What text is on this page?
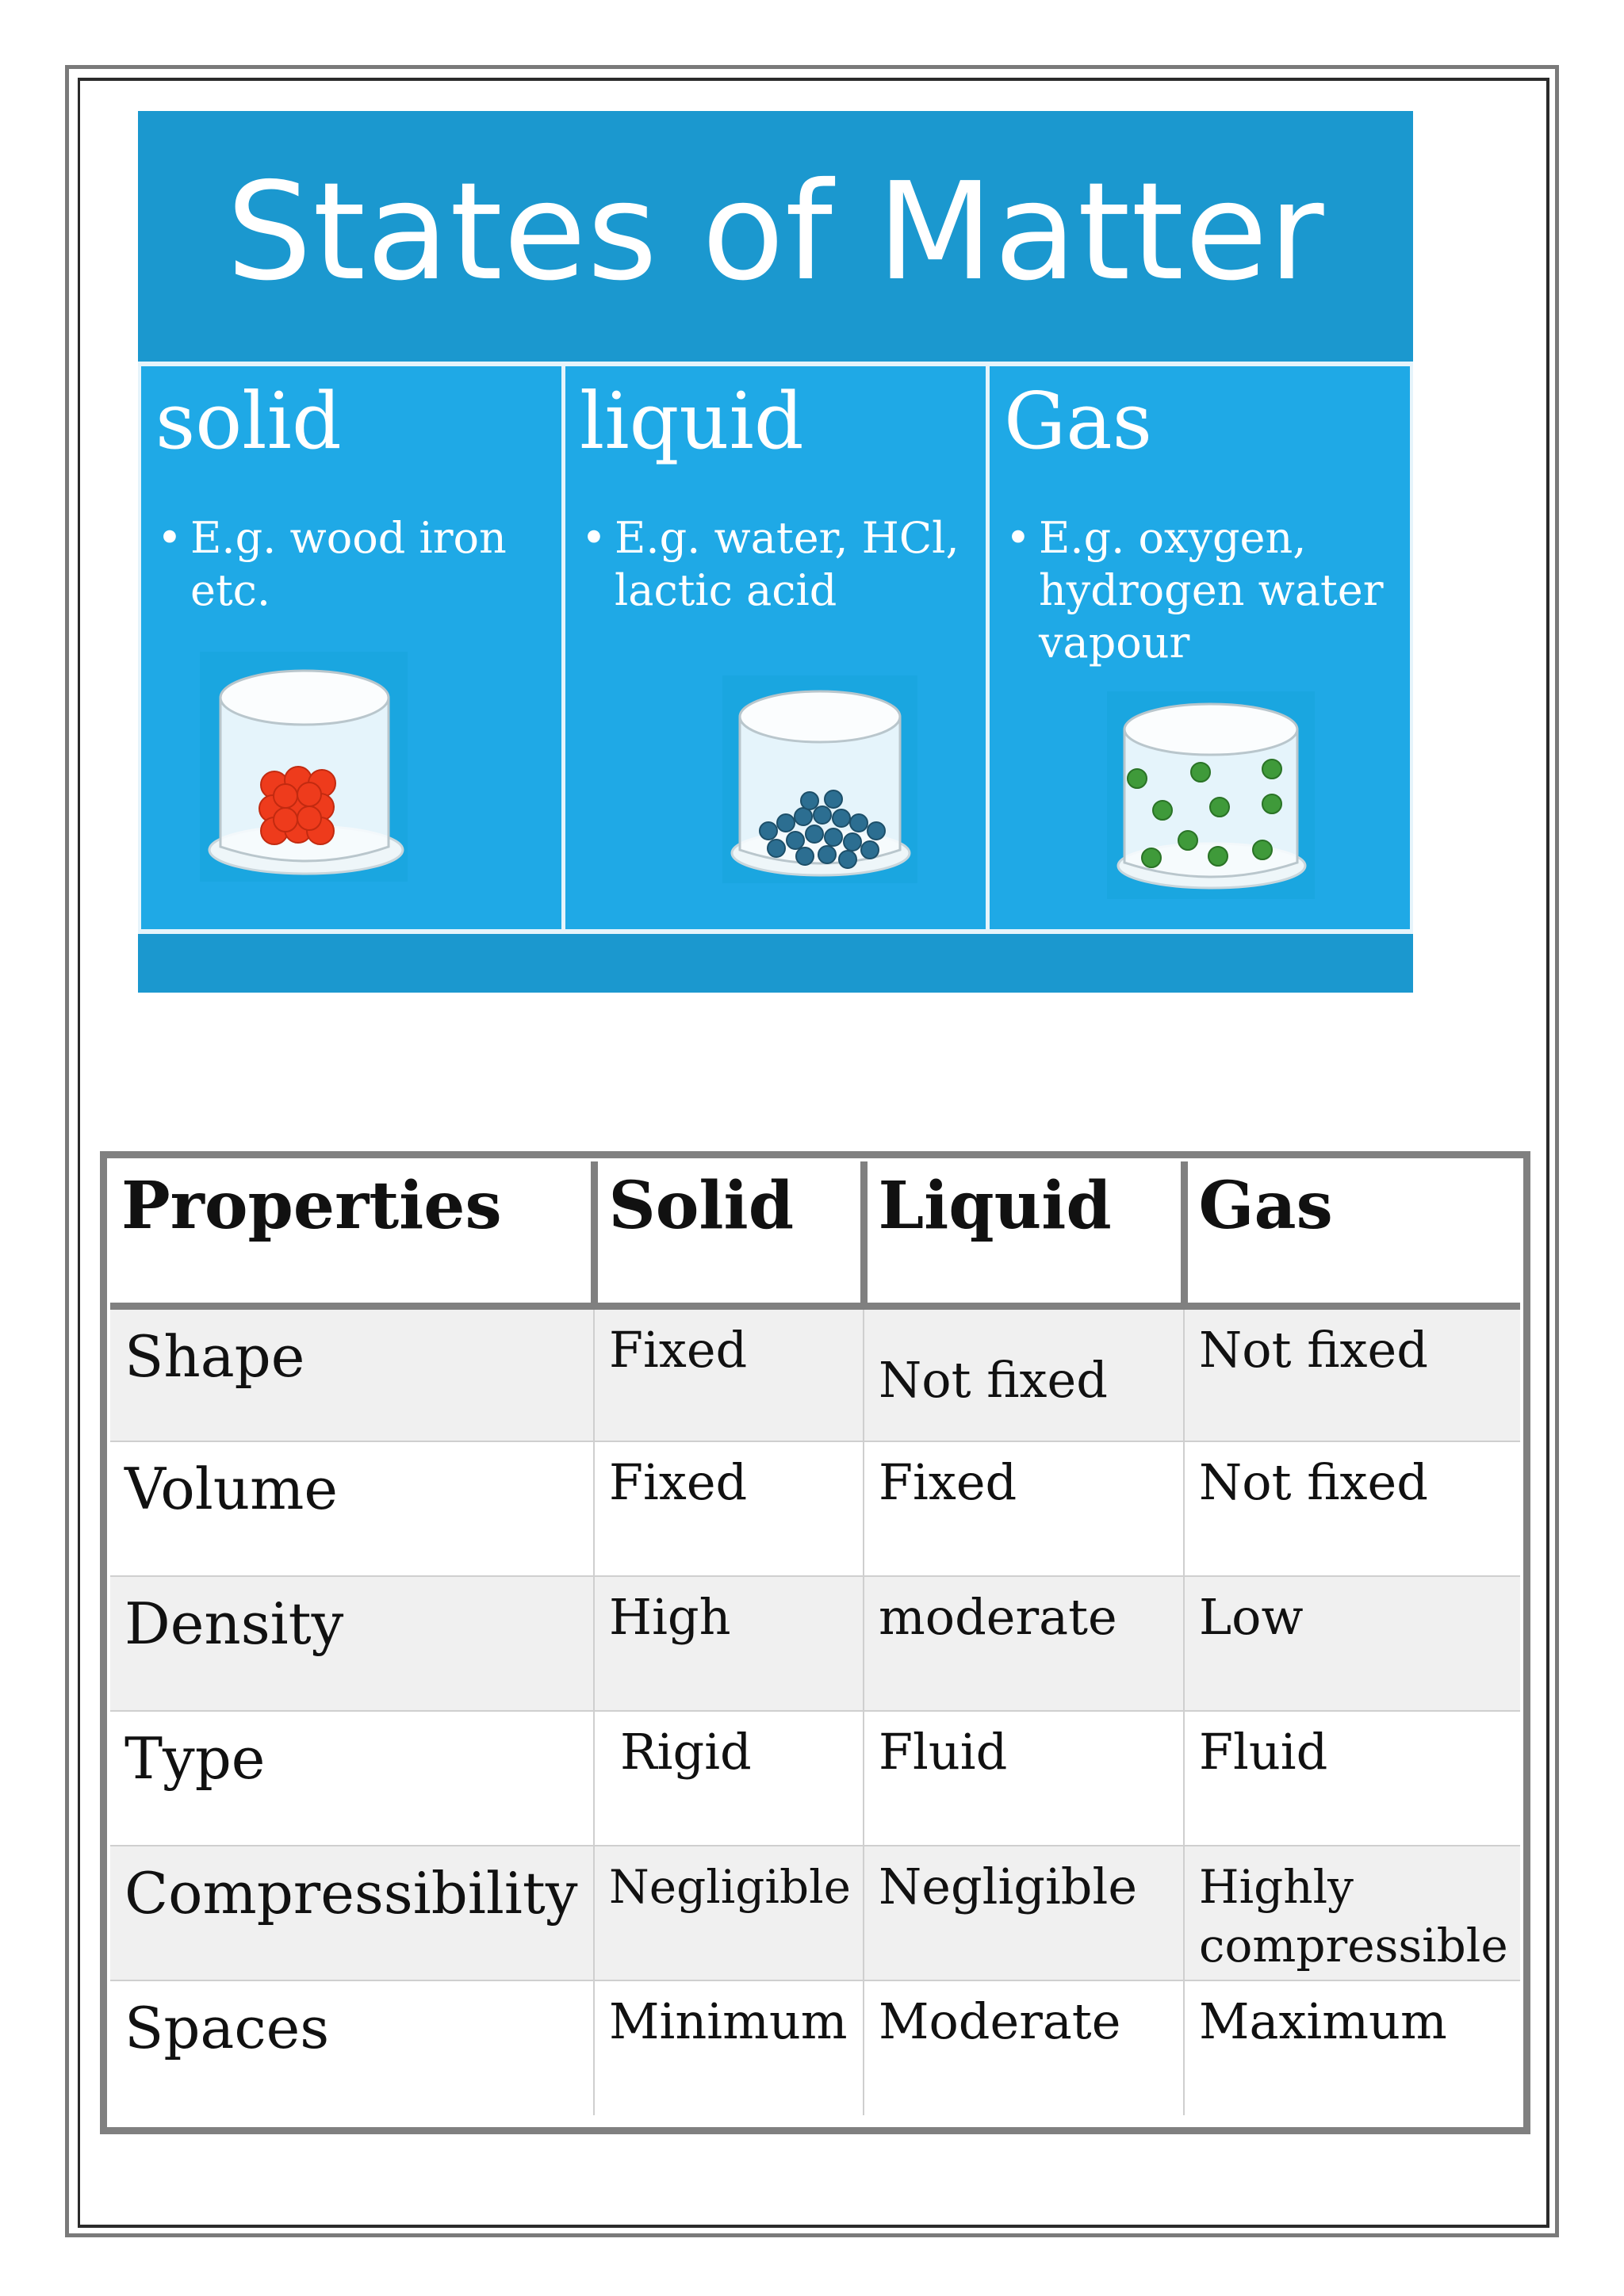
States of Matter
solid
• E.g. wood iron etc.
liquid
• E.g. water, HCl, lactic acid
Gas
• E.g. oxygen, hydrogen water vapour
Properties	Solid	Liquid	Gas
Shape	Fixed	Not fixed	Not fixed
Volume	Fixed	Fixed	Not fixed
Density	High	moderate	Low
Type	Rigid	Fluid	Fluid
Compressibility	Negligible	Negligible	Highly compressible
Spaces	Minimum	Moderate	Maximum
